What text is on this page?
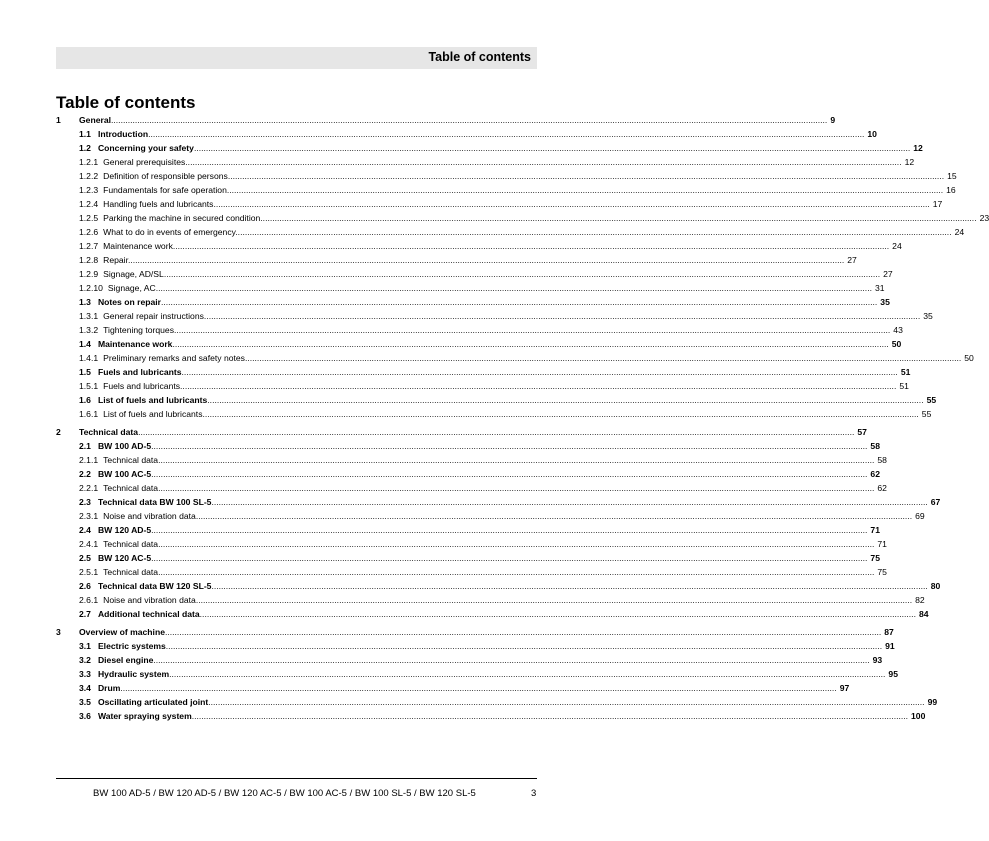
Table of contents
Table of contents
1	General............................................................................................................................................................................................................................................................................................................ 9
1.1 Introduction............................................................................................................................................................................................................................................................................................................ 10
1.2 Concerning your safety............................................................................................................................................................................................................................................................................................................ 12
1.2.1 General prerequisites............................................................................................................................................................................................................................................................................................................ 12
1.2.2 Definition of responsible persons............................................................................................................................................................................................................................................................................................................ 15
1.2.3 Fundamentals for safe operation............................................................................................................................................................................................................................................................................................................ 16
1.2.4 Handling fuels and lubricants............................................................................................................................................................................................................................................................................................................ 17
1.2.5 Parking the machine in secured condition............................................................................................................................................................................................................................................................................................................ 23
1.2.6 What to do in events of emergency............................................................................................................................................................................................................................................................................................................ 24
1.2.7 Maintenance work............................................................................................................................................................................................................................................................................................................ 24
1.2.8 Repair............................................................................................................................................................................................................................................................................................................ 27
1.2.9 Signage, AD/SL............................................................................................................................................................................................................................................................................................................ 27
1.2.10 Signage, AC............................................................................................................................................................................................................................................................................................................ 31
1.3 Notes on repair............................................................................................................................................................................................................................................................................................................ 35
1.3.1 General repair instructions............................................................................................................................................................................................................................................................................................................ 35
1.3.2 Tightening torques............................................................................................................................................................................................................................................................................................................ 43
1.4 Maintenance work............................................................................................................................................................................................................................................................................................................ 50
1.4.1 Preliminary remarks and safety notes............................................................................................................................................................................................................................................................................................................ 50
1.5 Fuels and lubricants............................................................................................................................................................................................................................................................................................................ 51
1.5.1 Fuels and lubricants............................................................................................................................................................................................................................................................................................................ 51
1.6 List of fuels and lubricants............................................................................................................................................................................................................................................................................................................ 55
1.6.1 List of fuels and lubricants............................................................................................................................................................................................................................................................................................................ 55
2	Technical data............................................................................................................................................................................................................................................................................................................ 57
2.1 BW 100 AD-5............................................................................................................................................................................................................................................................................................................ 58
2.1.1 Technical data............................................................................................................................................................................................................................................................................................................ 58
2.2 BW 100 AC-5............................................................................................................................................................................................................................................................................................................ 62
2.2.1 Technical data............................................................................................................................................................................................................................................................................................................ 62
2.3 Technical data BW 100 SL-5............................................................................................................................................................................................................................................................................................................ 67
2.3.1 Noise and vibration data............................................................................................................................................................................................................................................................................................................ 69
2.4 BW 120 AD-5............................................................................................................................................................................................................................................................................................................ 71
2.4.1 Technical data............................................................................................................................................................................................................................................................................................................ 71
2.5 BW 120 AC-5............................................................................................................................................................................................................................................................................................................ 75
2.5.1 Technical data............................................................................................................................................................................................................................................................................................................ 75
2.6 Technical data BW 120 SL-5............................................................................................................................................................................................................................................................................................................ 80
2.6.1 Noise and vibration data............................................................................................................................................................................................................................................................................................................ 82
2.7 Additional technical data............................................................................................................................................................................................................................................................................................................ 84
3	Overview of machine............................................................................................................................................................................................................................................................................................................ 87
3.1 Electric systems............................................................................................................................................................................................................................................................................................................ 91
3.2 Diesel engine............................................................................................................................................................................................................................................................................................................ 93
3.3 Hydraulic system............................................................................................................................................................................................................................................................................................................ 95
3.4 Drum............................................................................................................................................................................................................................................................................................................ 97
3.5 Oscillating articulated joint............................................................................................................................................................................................................................................................................................................ 99
3.6 Water spraying system............................................................................................................................................................................................................................................................................................................ 100
BW 100 AD-5 / BW 120 AD-5 / BW 120 AC-5 / BW 100 AC-5 / BW 100 SL-5 / BW 120 SL-5	3
